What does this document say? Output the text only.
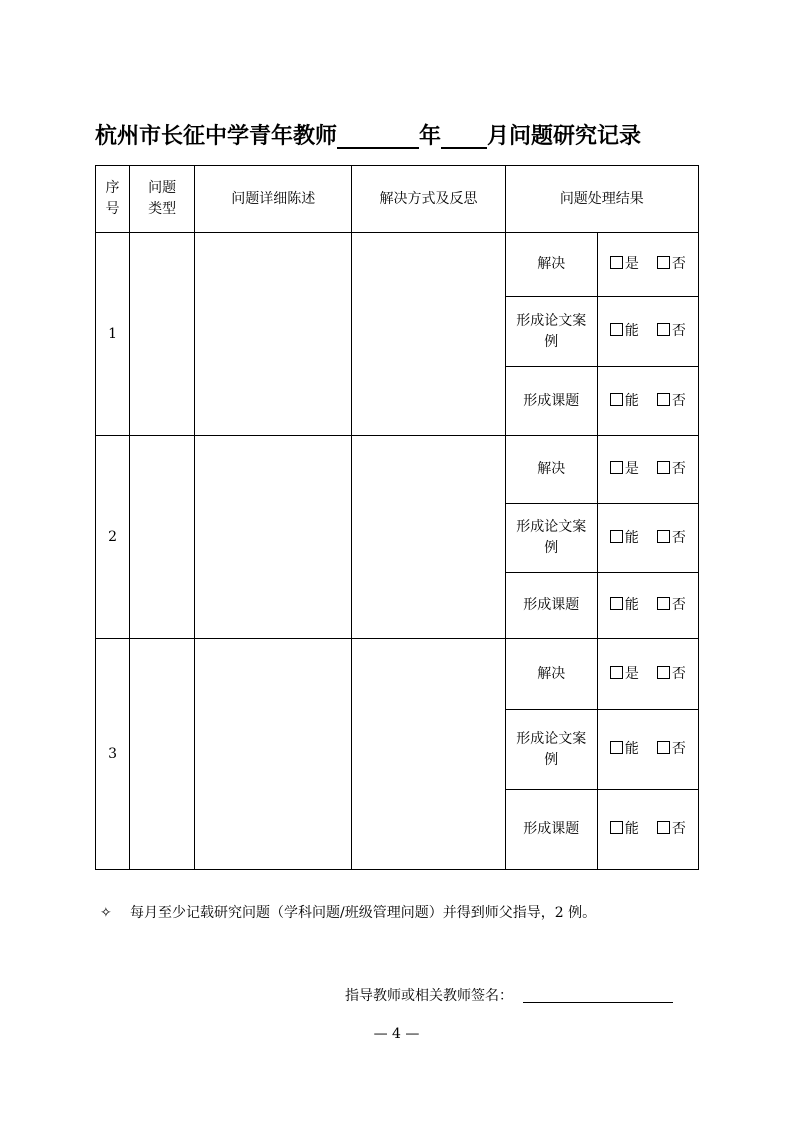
杭州市长征中学青年教师	年 月问题研究记录
序号	问题类型	问题详细陈述	解决方式及反思	问题处理结果	
1				解决	是 否

				形成论文案例	能 否

				形成课题	能 否
2				解决	是 否

				形成论文案例	能 否

				形成课题	能 否
3				解决	是 否

				形成论文案例	能 否

				形成课题	能 否
✧ 每月至少记载研究问题（学科问题/班级管理问题）并得到师父指导，2 例。
指导教师或相关教师签名：
— 4 —
